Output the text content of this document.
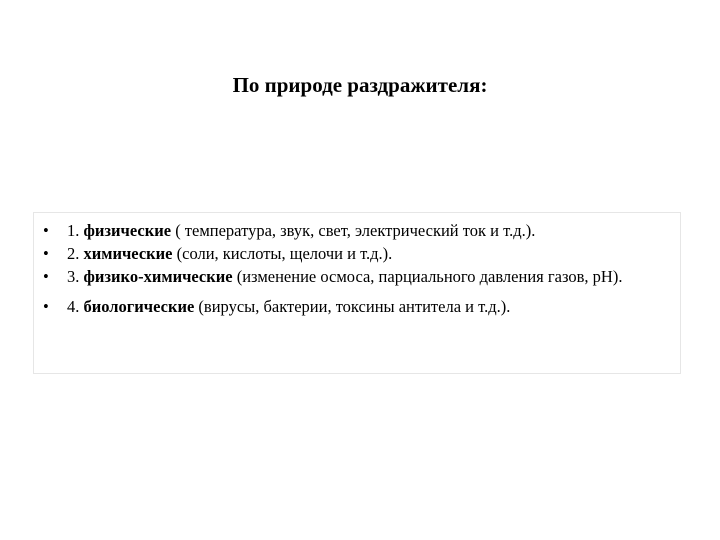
По природе раздражителя:
• 1. физические ( температура, звук, свет, электрический ток и т.д.).
• 2. химические (соли, кислоты, щелочи и т.д.).
• 3. физико-химические (изменение осмоса, парциального давления газов, pH).
• 4. биологические (вирусы, бактерии, токсины антитела и т.д.).
